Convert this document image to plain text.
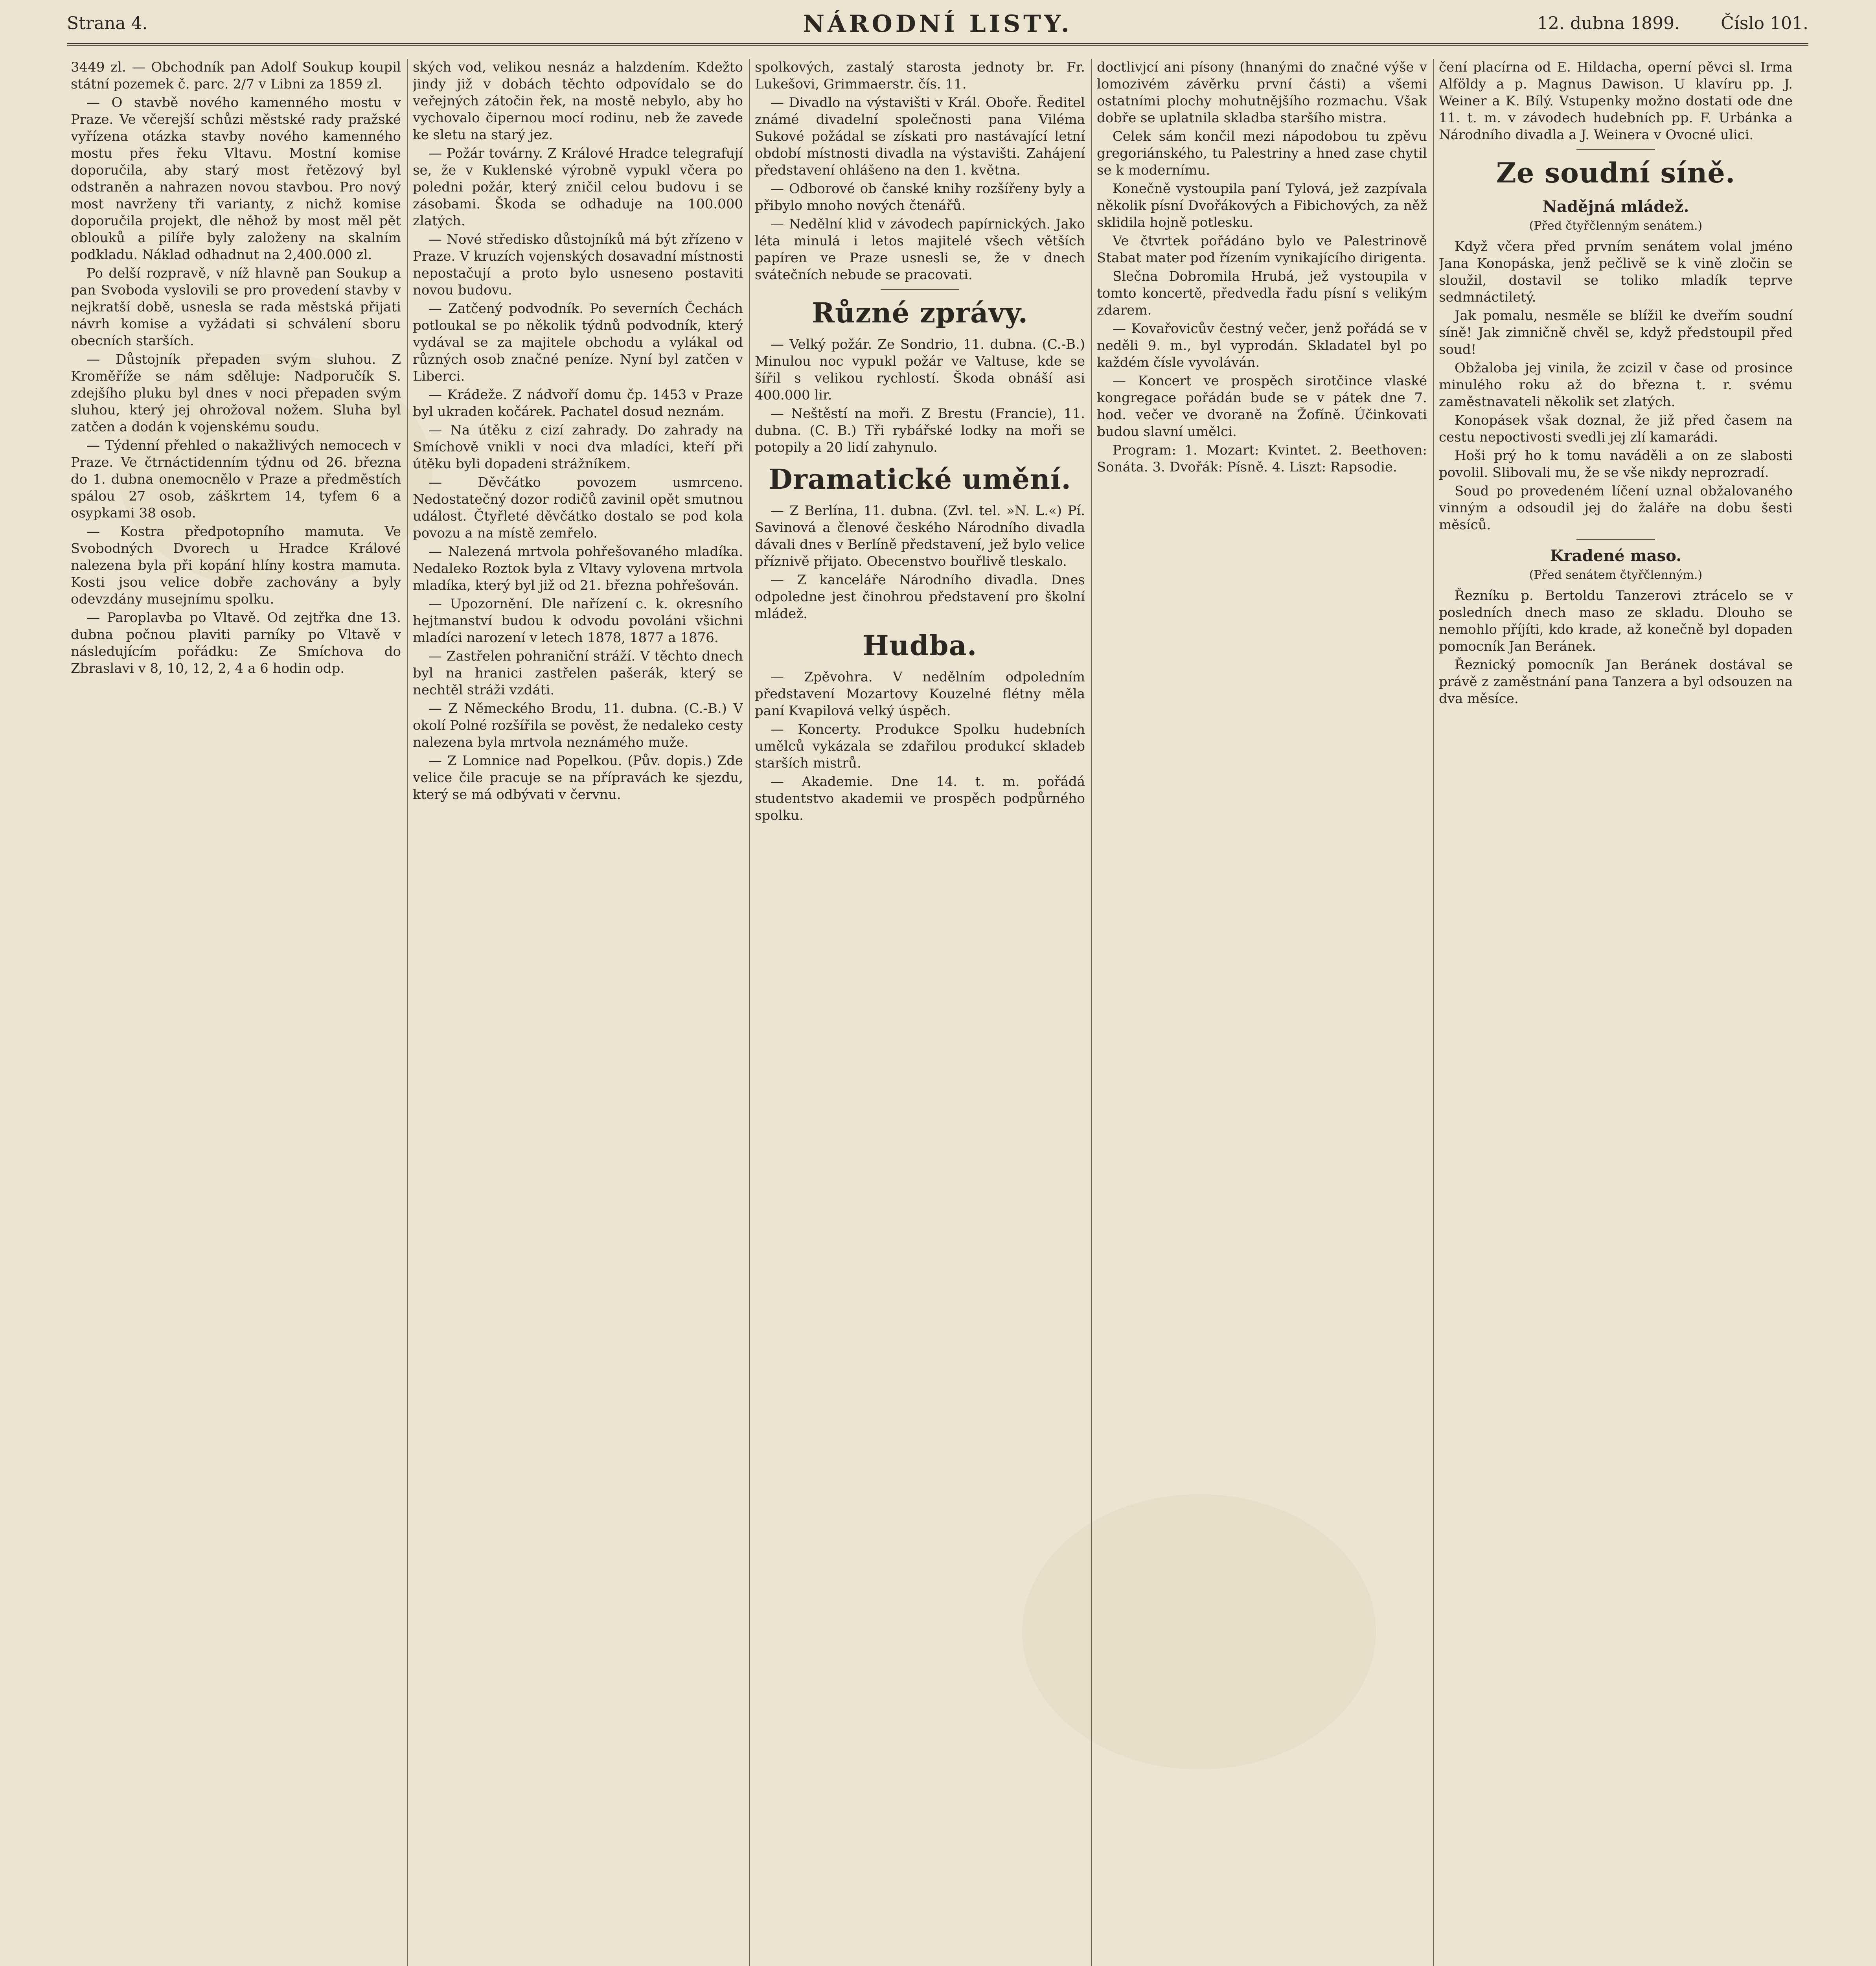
Strana 4.	NÁRODNÍ LISTY.	12. dubna 1899. Číslo 101.

3449 zl. — Obchodník pan Adolf Soukup koupil státní pozemek č. parc. 2/7 v Libni za 1859 zl.

— O stavbě nového kamenného mostu v Praze. Ve včerejší schůzi městské rady pražské vyřízena otázka stavby nového kamenného mostu přes řeku Vltavu. Mostní komise doporučila, aby starý most řetězový byl odstraněn a nahrazen novou stavbou. Pro nový most navrženy tři varianty, z nichž komise doporučila projekt, dle něhož by most měl pět oblouků a pilíře byly založeny na skalním podkladu. Náklad odhadnut na 2,400.000 zl.

Po delší rozpravě, v níž hlavně pan Soukup a pan Svoboda vyslovili se pro provedení stavby v nejkratší době, usnesla se rada městská přijati návrh komise a vyžádati si schválení sboru obecních starších.

— Důstojník přepaden svým sluhou. Z Kroměříže se nám sděluje: Nadporučík S. zdejšího pluku byl dnes v noci přepaden svým sluhou, který jej ohrožoval nožem. Sluha byl zatčen a dodán k vojenskému soudu.

— Týdenní přehled o nakažlivých nemocech v Praze. Ve čtrnáctidenním týdnu od 26. března do 1. dubna onemocnělo v Praze a předměstích spálou 27 osob, záškrtem 14, tyfem 6 a osypkami 38 osob.

— Kostra předpotopního mamuta. Ve Svobodných Dvorech u Hradce Králové nalezena byla při kopání hlíny kostra mamuta. Kosti jsou velice dobře zachovány a byly odevzdány musejnímu spolku.

— Paroplavba po Vltavě. Od zejtřka dne 13. dubna počnou plaviti parníky po Vltavě v následujícím pořádku: Ze Smíchova do Zbraslavi v 8, 10, 12, 2, 4 a 6 hodin odp.

ských vod, velikou nesnáz a halzdením. Kdežto jindy již v dobách těchto odpovídalo se do veřejných zátočin řek, na mostě nebylo, aby ho vychovalo čipernou mocí rodinu, neb že zavede ke sletu na starý jez.

— Požár továrny. Z Králové Hradce telegrafují se, že v Kuklenské výrobně vypukl včera po poledni požár, který zničil celou budovu i se zásobami. Škoda se odhaduje na 100.000 zlatých.

— Nové středisko důstojníků má být zřízeno v Praze. V kruzích vojenských dosavadní místnosti nepostačují a proto bylo usneseno postaviti novou budovu.

— Zatčený podvodník. Po severních Čechách potloukal se po několik týdnů podvodník, který vydával se za majitele obchodu a vylákal od různých osob značné peníze. Nyní byl zatčen v Liberci.

— Krádeže. Z nádvoří domu čp. 1453 v Praze byl ukraden kočárek. Pachatel dosud neznám.

— Na útěku z cizí zahrady. Do zahrady na Smíchově vnikli v noci dva mladíci, kteří při útěku byli dopadeni strážníkem.

— Děvčátko povozem usmrceno. Nedostatečný dozor rodičů zavinil opět smutnou událost. Čtyřleté děvčátko dostalo se pod kola povozu a na místě zemřelo.

— Nalezená mrtvola pohřešovaného mladíka. Nedaleko Roztok byla z Vltavy vylovena mrtvola mladíka, který byl již od 21. března pohřešován.

— Upozornění. Dle nařízení c. k. okresního hejtmanství budou k odvodu povoláni všichni mladíci narození v letech 1878, 1877 a 1876.

— Zastřelen pohraniční stráží. V těchto dnech byl na hranici zastřelen pašerák, který se nechtěl stráži vzdáti.

— Z Německého Brodu, 11. dubna. (C.-B.) V okolí Polné rozšířila se pověst, že nedaleko cesty nalezena byla mrtvola neznámého muže.

— Z Lomnice nad Popelkou. (Pův. dopis.) Zde velice čile pracuje se na přípravách ke sjezdu, který se má odbývati v červnu.

spolkových, zastalý starosta jednoty br. Fr. Lukešovi, Grimmaerstr. čís. 11.

— Divadlo na výstavišti v Král. Oboře. Ředitel známé divadelní společnosti pana Viléma Sukové požádal se získati pro nastávající letní období místnosti divadla na výstavišti. Zahájení představení ohlášeno na den 1. května.

— Odborové ob čanské knihy rozšířeny byly a přibylo mnoho nových čtenářů.

— Nedělní klid v závodech papírnických. Jako léta minulá i letos majitelé všech větších papíren ve Praze usnesli se, že v dnech svátečních nebude se pracovati.

Různé zprávy.

— Velký požár. Ze Sondrio, 11. dubna. (C.-B.) Minulou noc vypukl požár ve Valtuse, kde se šířil s velikou rychlostí. Škoda obnáší asi 400.000 lir.

— Neštěstí na moři. Z Brestu (Francie), 11. dubna. (C. B.) Tři rybářské lodky na moři se potopily a 20 lidí zahynulo.

Dramatické umění.

— Z Berlína, 11. dubna. (Zvl. tel. »N. L.«) Pí. Savinová a členové českého Národního divadla dávali dnes v Berlíně představení, jež bylo velice příznivě přijato. Obecenstvo bouřlivě tleskalo.

— Z kanceláře Národního divadla. Dnes odpoledne jest činohrou představení pro školní mládež.

Hudba.

— Zpěvohra. V nedělním odpoledním představení Mozartovy Kouzelné flétny měla paní Kvapilová velký úspěch.

— Koncerty. Produkce Spolku hudebních umělců vykázala se zdařilou produkcí skladeb starších mistrů.

— Akademie. Dne 14. t. m. pořádá studentstvo akademii ve prospěch podpůrného spolku.

doctlivjcí ani písony (hnanými do značné výše v lomozivém závěrku první části) a všemi ostatními plochy mohutnějšího rozmachu. Však dobře se uplatnila skladba staršího mistra.

Celek sám končil mezi nápodobou tu zpěvu gregoriánského, tu Palestriny a hned zase chytil se k modernímu.

Konečně vystoupila paní Tylová, jež zazpívala několik písní Dvořákových a Fibichových, za něž sklidila hojně potlesku.

Ve čtvrtek pořádáno bylo ve Palestrinově Stabat mater pod řízením vynikajícího dirigenta.

Slečna Dobromila Hrubá, jež vystoupila v tomto koncertě, předvedla řadu písní s velikým zdarem.

— Kovařovicův čestný večer, jenž pořádá se v neděli 9. m., byl vyprodán. Skladatel byl po každém čísle vyvoláván.

— Koncert ve prospěch sirotčince vlaské kongregace pořádán bude se v pátek dne 7. hod. večer ve dvoraně na Žofíně. Účinkovati budou slavní umělci.

Program: 1. Mozart: Kvintet. 2. Beethoven: Sonáta. 3. Dvořák: Písně. 4. Liszt: Rapsodie.

čení placírna od E. Hildacha, operní pěvci sl. Irma Alföldy a p. Magnus Dawison. U klavíru pp. J. Weiner a K. Bílý. Vstupenky možno dostati ode dne 11. t. m. v závodech hudebních pp. F. Urbánka a Národního divadla a J. Weinera v Ovocné ulici.

Ze soudní síně.
Nadějná mládež.
(Před čtyřčlenným senátem.)

Když včera před prvním senátem volal jméno Jana Konopáska, jenž pečlivě se k vině zločin se sloužil, dostavil se toliko mladík teprve sedmnáctiletý.

Jak pomalu, nesměle se blížil ke dveřím soudní síně! Jak zimničně chvěl se, když předstoupil před soud!

Obžaloba jej vinila, že zcizil v čase od prosince minulého roku až do března t. r. svému zaměstnavateli několik set zlatých.

Konopásek však doznal, že již před časem na cestu nepoctivosti svedli jej zlí kamarádi.

Hoši prý ho k tomu naváděli a on ze slabosti povolil. Slibovali mu, že se vše nikdy neprozradí.

Soud po provedeném líčení uznal obžalovaného vinným a odsoudil jej do žaláře na dobu šesti měsíců.

Kradené maso.
(Před senátem čtyřčlenným.)

Řezníku p. Bertoldu Tanzerovi ztrácelo se v posledních dnech maso ze skladu. Dlouho se nemohlo příjíti, kdo krade, až konečně byl dopaden pomocník Jan Beránek.

Řeznický pomocník Jan Beránek dostával se právě z zaměstnání pana Tanzera a byl odsouzen na dva měsíce.
